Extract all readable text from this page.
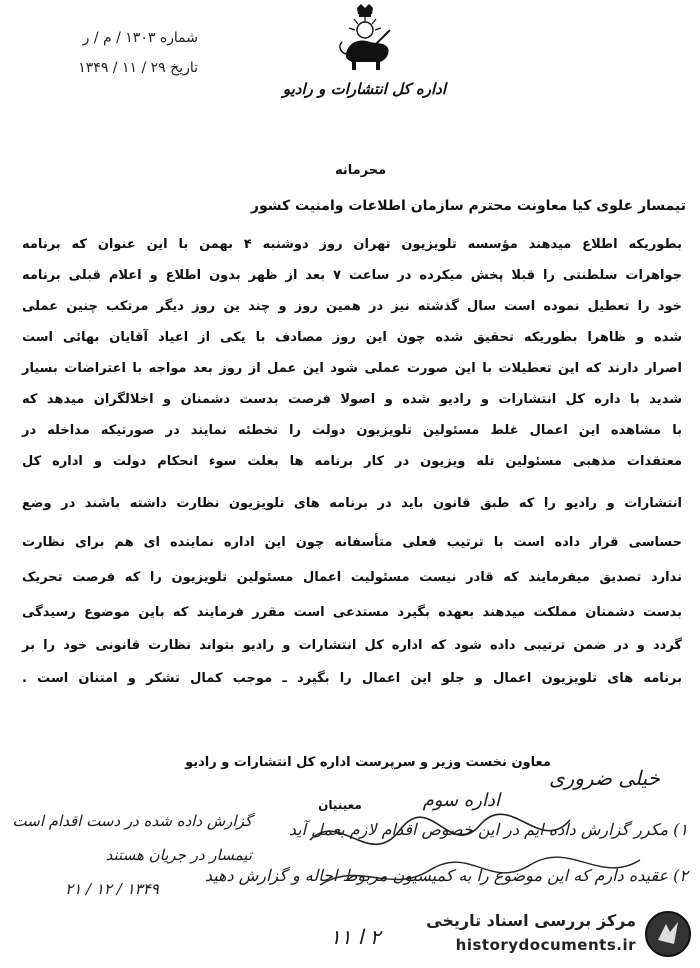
شماره ۱۳۰۳ / م / ر
تاریخ ۲۹ / ۱۱ / ۱۳۴۹
اداره کل انتشارات و رادیو
محرمانه
تیمسار علوی کیا معاونت محترم سازمان اطلاعات وامنیت کشور
بطوریکه اطلاع میدهند مؤسسه تلویزیون تهران روز دوشنبه ۴ بهمن با این عنوان که برنامه
جواهرات سلطنتی را قبلا پخش میکرده در ساعت ۷ بعد از ظهر بدون اطلاع و اعلام قبلی برنامه
خود را تعطیل نموده است سال گذشته نیز در همین روز و چند ین روز دیگر مرتکب چنین عملی
شده و ظاهرا بطوریکه تحقیق شده چون این روز مصادف با یکی از اعیاد آقایان بهائی است
اصرار دارند که این تعطیلات با این صورت عملی شود این عمل از روز بعد مواجه با اعتراضات بسیار
شدید با داره کل انتشارات و رادیو شده و اصولا فرصت بدست دشمنان و اخلالگران میدهد که
با مشاهده این اعمال غلط مسئولین تلویزیون دولت را تخطئه نمایند در صورتیکه مداخله در
معتقدات مذهبی مسئولین تله ویزیون در کار برنامه ها بعلت سوء انحکام دولت و اداره کل
انتشارات و رادیو را که طبق قانون باید در برنامه های تلویزیون نظارت داشته باشند در وضع
حساسی قرار داده است با ترتیب فعلی متأسفانه چون این اداره نماینده ای هم برای نظارت
ندارد تصدیق میفرمایند که قادر نیست مسئولیت اعمال مسئولین تلویزیون را که فرصت تحریک
بدست دشمنان مملکت میدهند بعهده بگیرد مستدعی است مقرر فرمایند که باین موضوع رسیدگی
گردد و در ضمن ترتیبی داده شود که اداره کل انتشارات و رادیو بتواند نظارت قانونی خود را بر
برنامه های تلویزیون اعمال و جلو این اعمال را بگیرد ـ موجب کمال تشکر و امتنان است .
معاون نخست وزیر و سرپرست اداره کل انتشارات و رادیو
معینیان
خیلی ضروری
اداره سوم
۱) مکرر گزارش داده ایم در این خصوص اقدام لازم بعمل آید
۲) عقیده دارم که این موضوع را به کمیسیون مربوط احاله و گزارش دهید
گزارش داده شده در دست اقدام است
تیمسار در جریان هستند
۲۱ / ۱۲ / ۱۳۴۹
۲ ا ۱۱
مرکز بررسی اسناد تاریخی
historydocuments.ir
